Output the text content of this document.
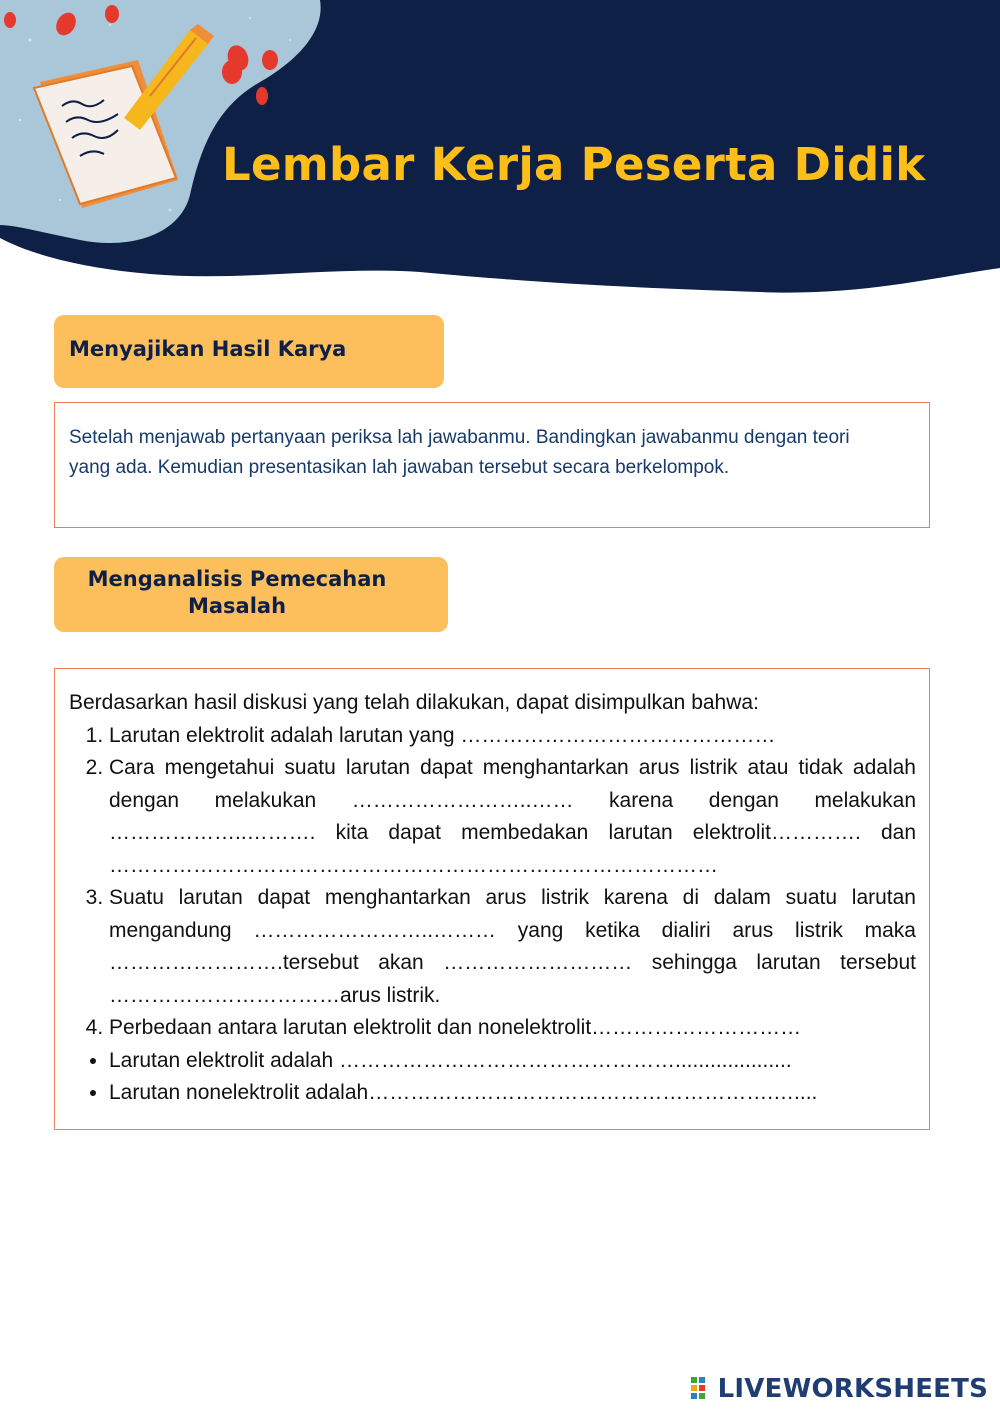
Lembar Kerja Peserta Didik
Menyajikan Hasil Karya

Setelah menjawab pertanyaan periksa lah jawabanmu. Bandingkan jawabanmu dengan teori yang ada. Kemudian presentasikan lah jawaban tersebut secara berkelompok.

Menganalisis Pemecahan Masalah

Berdasarkan hasil diskusi yang telah dilakukan, dapat disimpulkan bahwa:

1. Larutan elektrolit adalah larutan yang ………………………………………
2. Cara mengetahui suatu larutan dapat menghantarkan arus listrik atau tidak adalah dengan melakukan ……………………..…… karena dengan melakukan ………………..………. kita dapat membedakan larutan elektrolit…………. dan ……………………………………………………………………………
3. Suatu larutan dapat menghantarkan arus listrik karena di dalam suatu larutan mengandung ……………………..……… yang ketika dialiri arus listrik maka …………………….tersebut akan ……………………… sehingga larutan tersebut ……………………………arus listrik.
4. Perbedaan antara larutan elektrolit dan nonelektrolit…………………………
• Larutan elektrolit adalah …………………………………………....................
• Larutan nonelektrolit adalah………………………………………………….…....
LIVEWORKSHEETS
